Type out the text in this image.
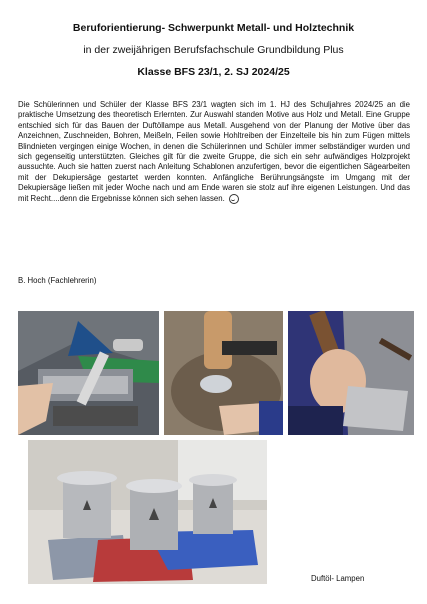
Beruforientierung- Schwerpunkt Metall- und Holztechnik
in der zweijährigen Berufsfachschule Grundbildung Plus
Klasse BFS 23/1, 2. SJ 2024/25
Die Schülerinnen und Schüler der Klasse BFS 23/1 wagten sich im 1. HJ des Schuljahres 2024/25 an die praktische Umsetzung des theoretisch Erlernten. Zur Auswahl standen Motive aus Holz und Metall. Eine Gruppe entschied sich für das Bauen der Duftöllampe aus Metall. Ausgehend von der Planung der Motive über das Anzeichnen, Zuschneiden, Bohren, Meißeln, Feilen sowie Hohltreiben der Einzelteile bis hin zum Fügen mittels Blindnieten vergingen einige Wochen, in denen die Schülerinnen und Schüler immer selbständiger wurden und sich gegenseitig unterstützten. Gleiches gilt für die zweite Gruppe, die sich ein sehr aufwändiges Holzprojekt aussuchte. Auch sie hatten zuerst nach Anleitung Schablonen anzufertigen, bevor die eigentlichen Sägearbeiten mit der Dekupiersäge gestartet werden konnten. Anfängliche Berührungsängste im Umgang mit der Dekupiersäge ließen mit jeder Woche nach und am Ende waren sie stolz auf ihre eigenen Leistungen. Und das mit Recht....denn die Ergebnisse können sich sehen lassen.
B. Hoch (Fachlehrerin)
Duftöl- Lampen
